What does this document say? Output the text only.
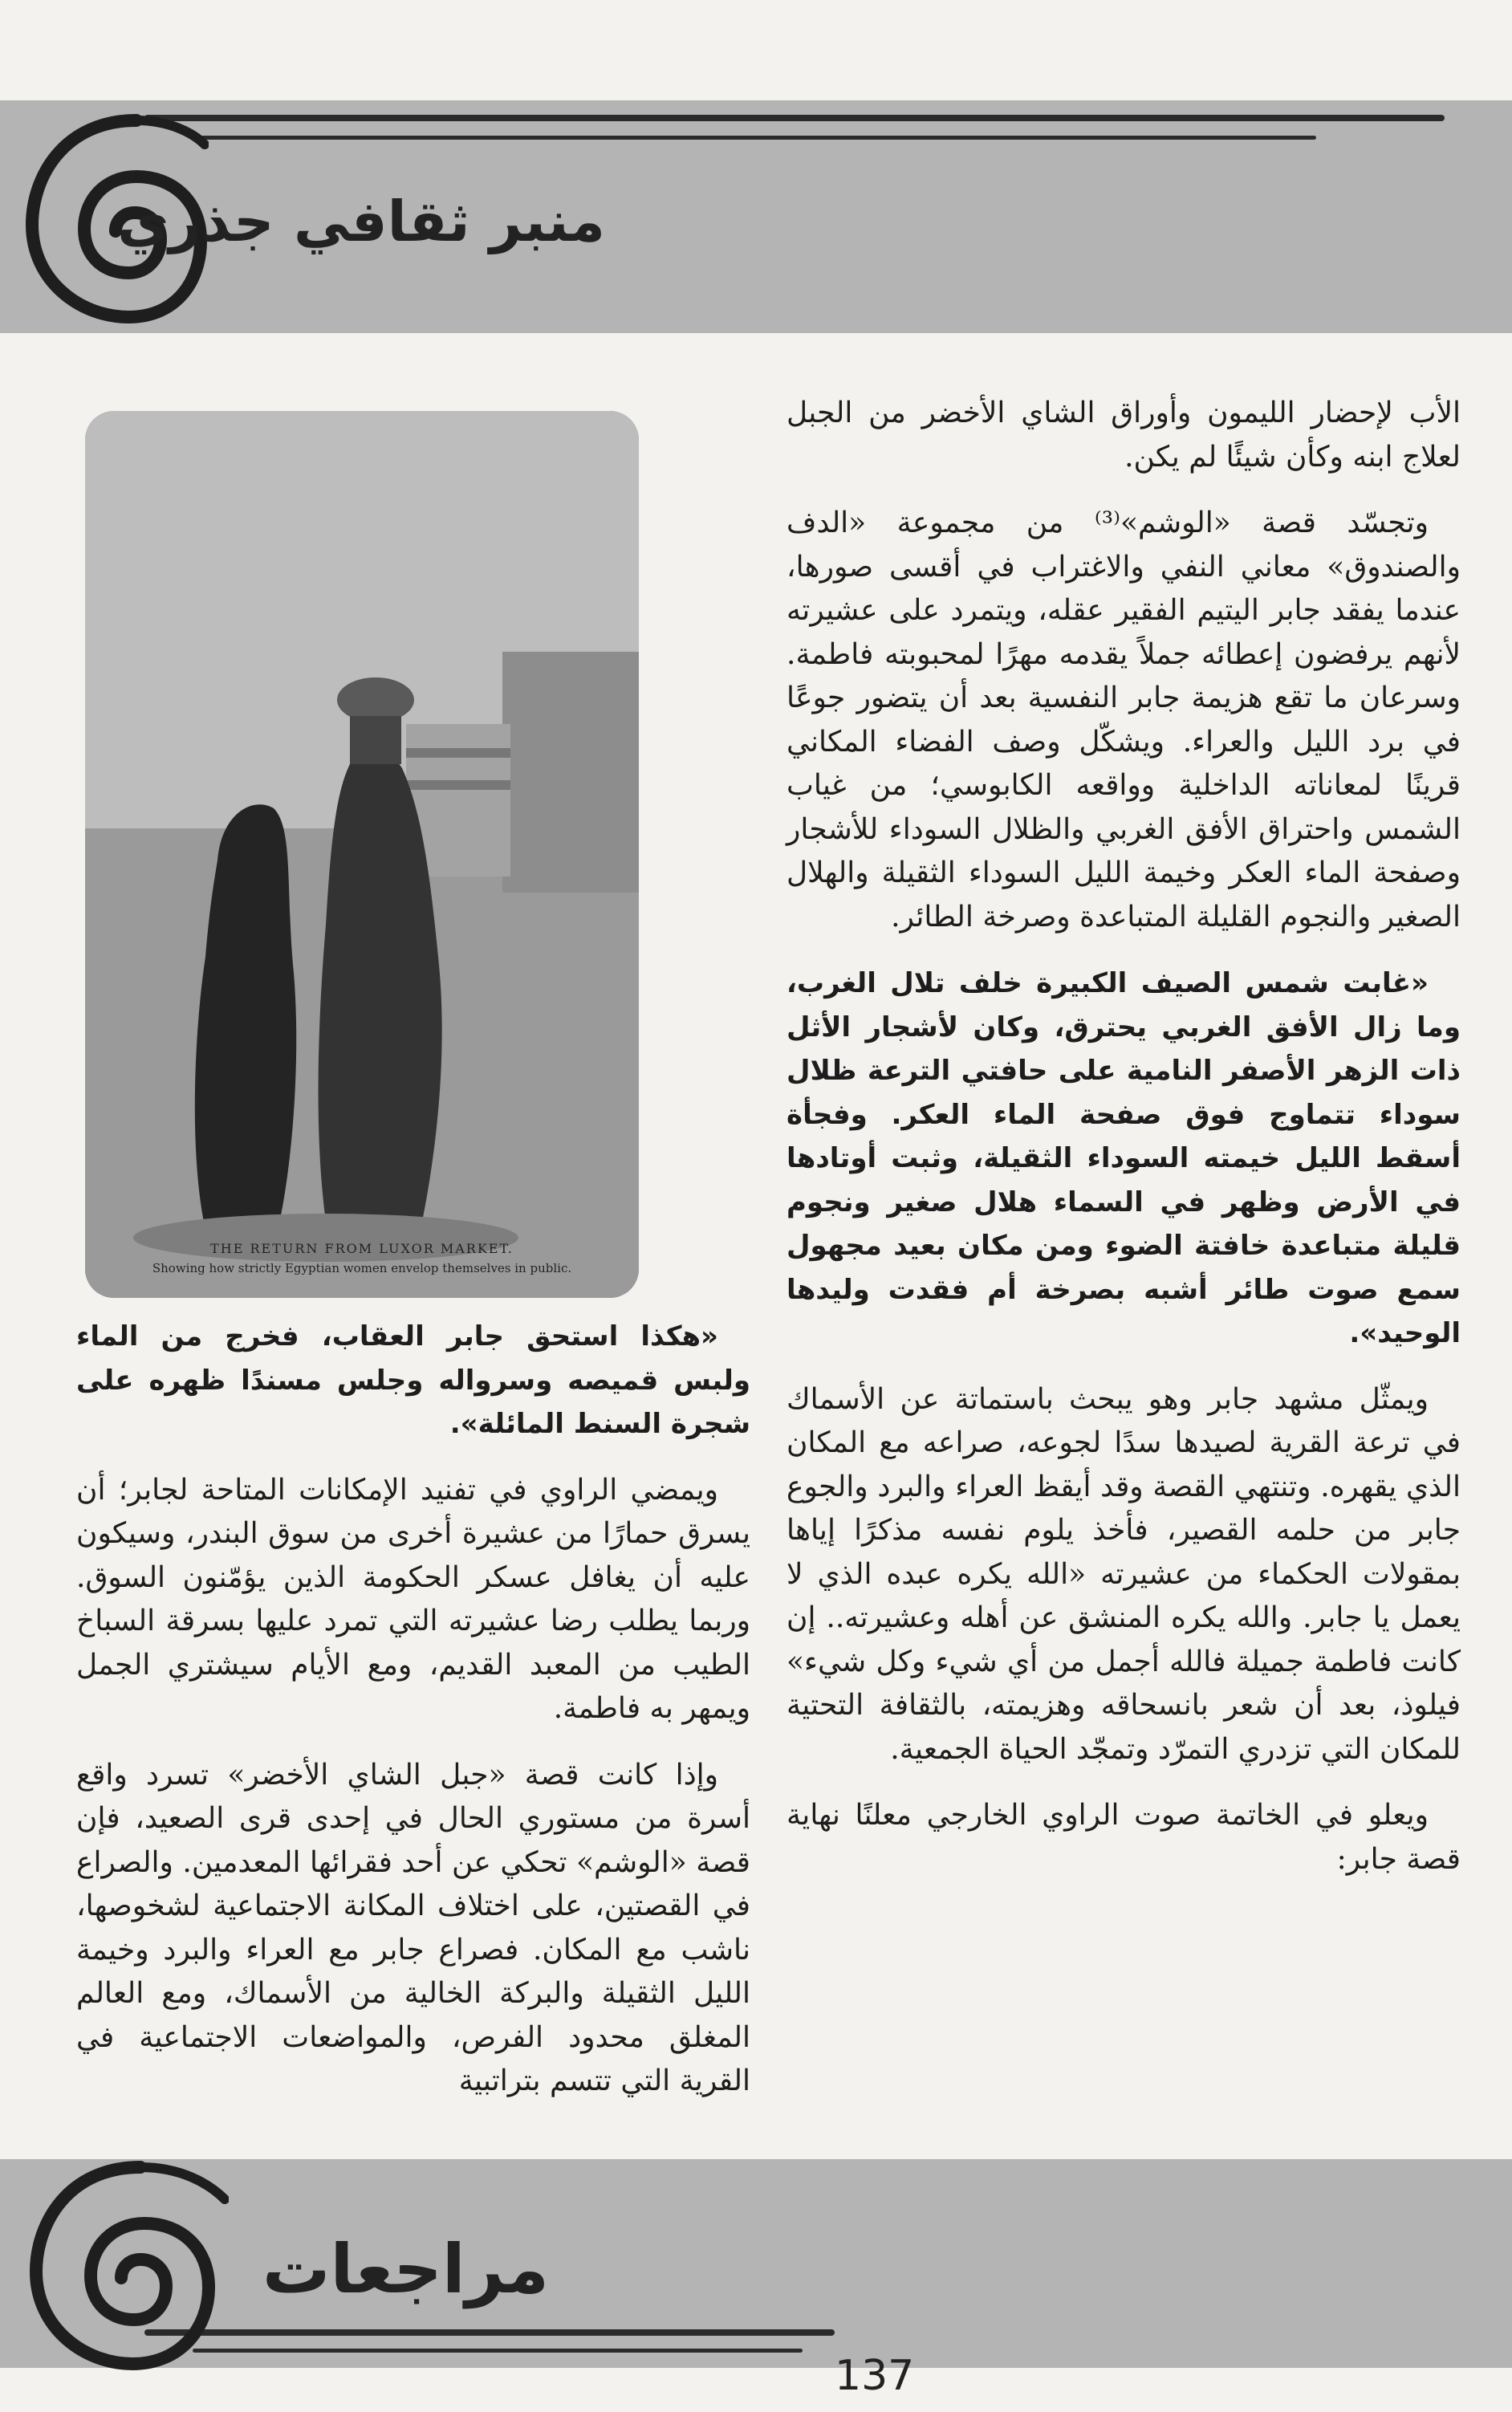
منبر ثقافي جذري
THE RETURN FROM LUXOR MARKET.
Showing how strictly Egyptian women envelop themselves in public.

الأب لإحضار الليمون وأوراق الشاي الأخضر من الجبل لعلاج ابنه وكأن شيئًا لم يكن.

وتجسّد قصة «الوشم»⁽³⁾ من مجموعة «الدف والصندوق» معاني النفي والاغتراب في أقسى صورها، عندما يفقد جابر اليتيم الفقير عقله، ويتمرد على عشيرته لأنهم يرفضون إعطائه جملاً يقدمه مهرًا لمحبوبته فاطمة. وسرعان ما تقع هزيمة جابر النفسية بعد أن يتضور جوعًا في برد الليل والعراء. ويشكّل وصف الفضاء المكاني قرينًا لمعاناته الداخلية وواقعه الكابوسي؛ من غياب الشمس واحتراق الأفق الغربي والظلال السوداء للأشجار وصفحة الماء العكر وخيمة الليل السوداء الثقيلة والهلال الصغير والنجوم القليلة المتباعدة وصرخة الطائر.

«غابت شمس الصيف الكبيرة خلف تلال الغرب، وما زال الأفق الغربي يحترق، وكان لأشجار الأثل ذات الزهر الأصفر النامية على حافتي الترعة ظلال سوداء تتماوج فوق صفحة الماء العكر. وفجأة أسقط الليل خيمته السوداء الثقيلة، وثبت أوتادها في الأرض وظهر في السماء هلال صغير ونجوم قليلة متباعدة خافتة الضوء ومن مكان بعيد مجهول سمع صوت طائر أشبه بصرخة أم فقدت وليدها الوحيد».

ويمثّل مشهد جابر وهو يبحث باستماتة عن الأسماك في ترعة القرية لصيدها سدًا لجوعه، صراعه مع المكان الذي يقهره. وتنتهي القصة وقد أيقظ العراء والبرد والجوع جابر من حلمه القصير، فأخذ يلوم نفسه مذكرًا إياها بمقولات الحكماء من عشيرته «الله يكره عبده الذي لا يعمل يا جابر. والله يكره المنشق عن أهله وعشيرته.. إن كانت فاطمة جميلة فالله أجمل من أي شيء وكل شيء» فيلوذ، بعد أن شعر بانسحاقه وهزيمته، بالثقافة التحتية للمكان التي تزدري التمرّد وتمجّد الحياة الجمعية.

ويعلو في الخاتمة صوت الراوي الخارجي معلنًا نهاية قصة جابر:

«هكذا استحق جابر العقاب، فخرج من الماء ولبس قميصه وسرواله وجلس مسندًا ظهره على شجرة السنط المائلة».

ويمضي الراوي في تفنيد الإمكانات المتاحة لجابر؛ أن يسرق حمارًا من عشيرة أخرى من سوق البندر، وسيكون عليه أن يغافل عسكر الحكومة الذين يؤمّنون السوق. وربما يطلب رضا عشيرته التي تمرد عليها بسرقة السباخ الطيب من المعبد القديم، ومع الأيام سيشتري الجمل ويمهر به فاطمة.

وإذا كانت قصة «جبل الشاي الأخضر» تسرد واقع أسرة من مستوري الحال في إحدى قرى الصعيد، فإن قصة «الوشم» تحكي عن أحد فقرائها المعدمين. والصراع في القصتين، على اختلاف المكانة الاجتماعية لشخوصها، ناشب مع المكان. فصراع جابر مع العراء والبرد وخيمة الليل الثقيلة والبركة الخالية من الأسماك، ومع العالم المغلق محدود الفرص، والمواضعات الاجتماعية في القرية التي تتسم بتراتبية

مراجعات
137
